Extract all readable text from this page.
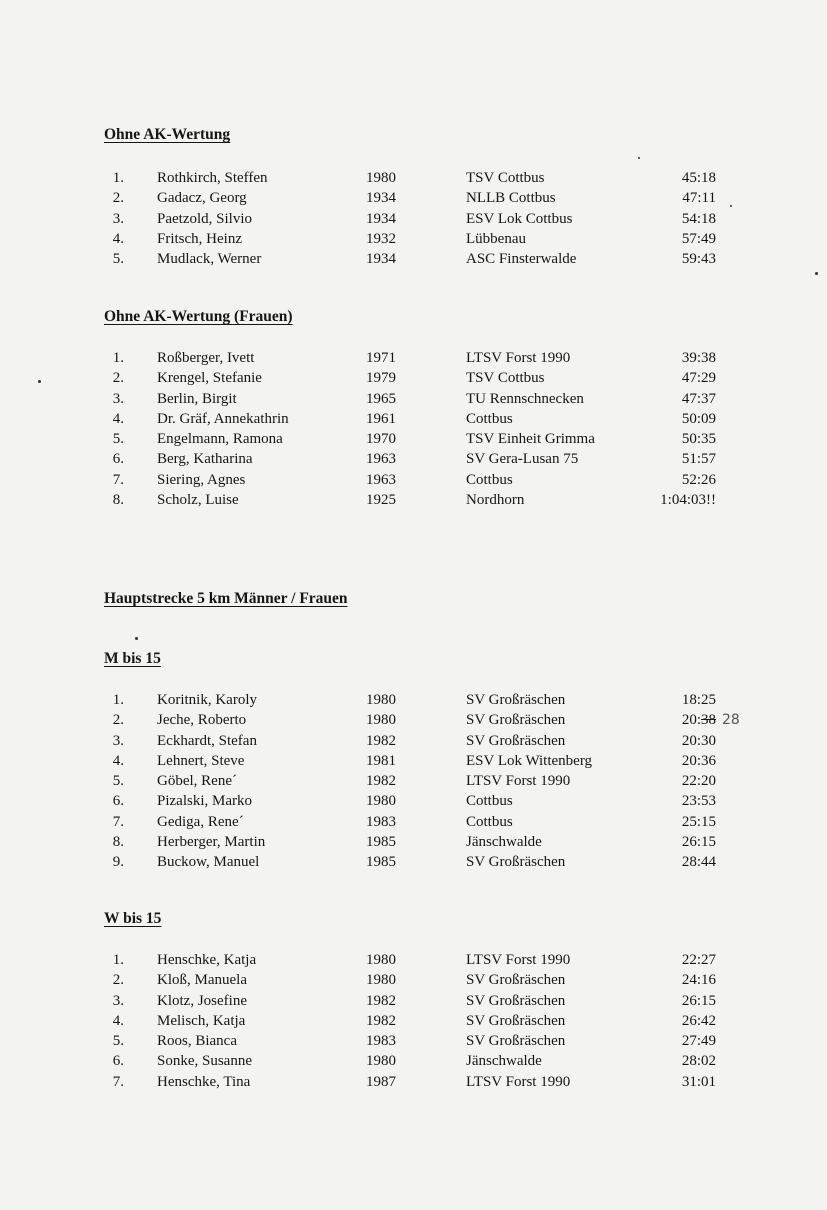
Ohne AK-Wertung
1. Rothkirch, Steffen	1980	TSV Cottbus	45:18
2. Gadacz, Georg	1934	NLLB Cottbus	47:11
3. Paetzold, Silvio	1934	ESV Lok Cottbus	54:18
4. Fritsch, Heinz	1932	Lübbenau	57:49
5. Mudlack, Werner	1934	ASC Finsterwalde	59:43
Ohne AK-Wertung (Frauen)
1. Roßberger, Ivett	1971	LTSV Forst 1990	39:38
2. Krengel, Stefanie	1979	TSV Cottbus	47:29
3. Berlin, Birgit	1965	TU Rennschnecken	47:37
4. Dr. Gräf, Annekathrin	1961	Cottbus	50:09
5. Engelmann, Ramona	1970	TSV Einheit Grimma	50:35
6. Berg, Katharina	1963	SV Gera-Lusan 75	51:57
7. Siering, Agnes	1963	Cottbus	52:26
8. Scholz, Luise	1925	Nordhorn	1:04:03!!
Hauptstrecke 5 km Männer / Frauen
M bis 15
1. Koritnik, Karoly	1980	SV Großräschen	18:25
2. Jeche, Roberto	1980	SV Großräschen	20:38 28
3. Eckhardt, Stefan	1982	SV Großräschen	20:30
4. Lehnert, Steve	1981	ESV Lok Wittenberg	20:36
5. Göbel, Rene´	1982	LTSV Forst 1990	22:20
6. Pizalski, Marko	1980	Cottbus	23:53
7. Gediga, Rene´	1983	Cottbus	25:15
8. Herberger, Martin	1985	Jänschwalde	26:15
9. Buckow, Manuel	1985	SV Großräschen	28:44
W bis 15
1. Henschke, Katja	1980	LTSV Forst 1990	22:27
2. Kloß, Manuela	1980	SV Großräschen	24:16
3. Klotz, Josefine	1982	SV Großräschen	26:15
4. Melisch, Katja	1982	SV Großräschen	26:42
5. Roos, Bianca	1983	SV Großräschen	27:49
6. Sonke, Susanne	1980	Jänschwalde	28:02
7. Henschke, Tina	1987	LTSV Forst 1990	31:01
